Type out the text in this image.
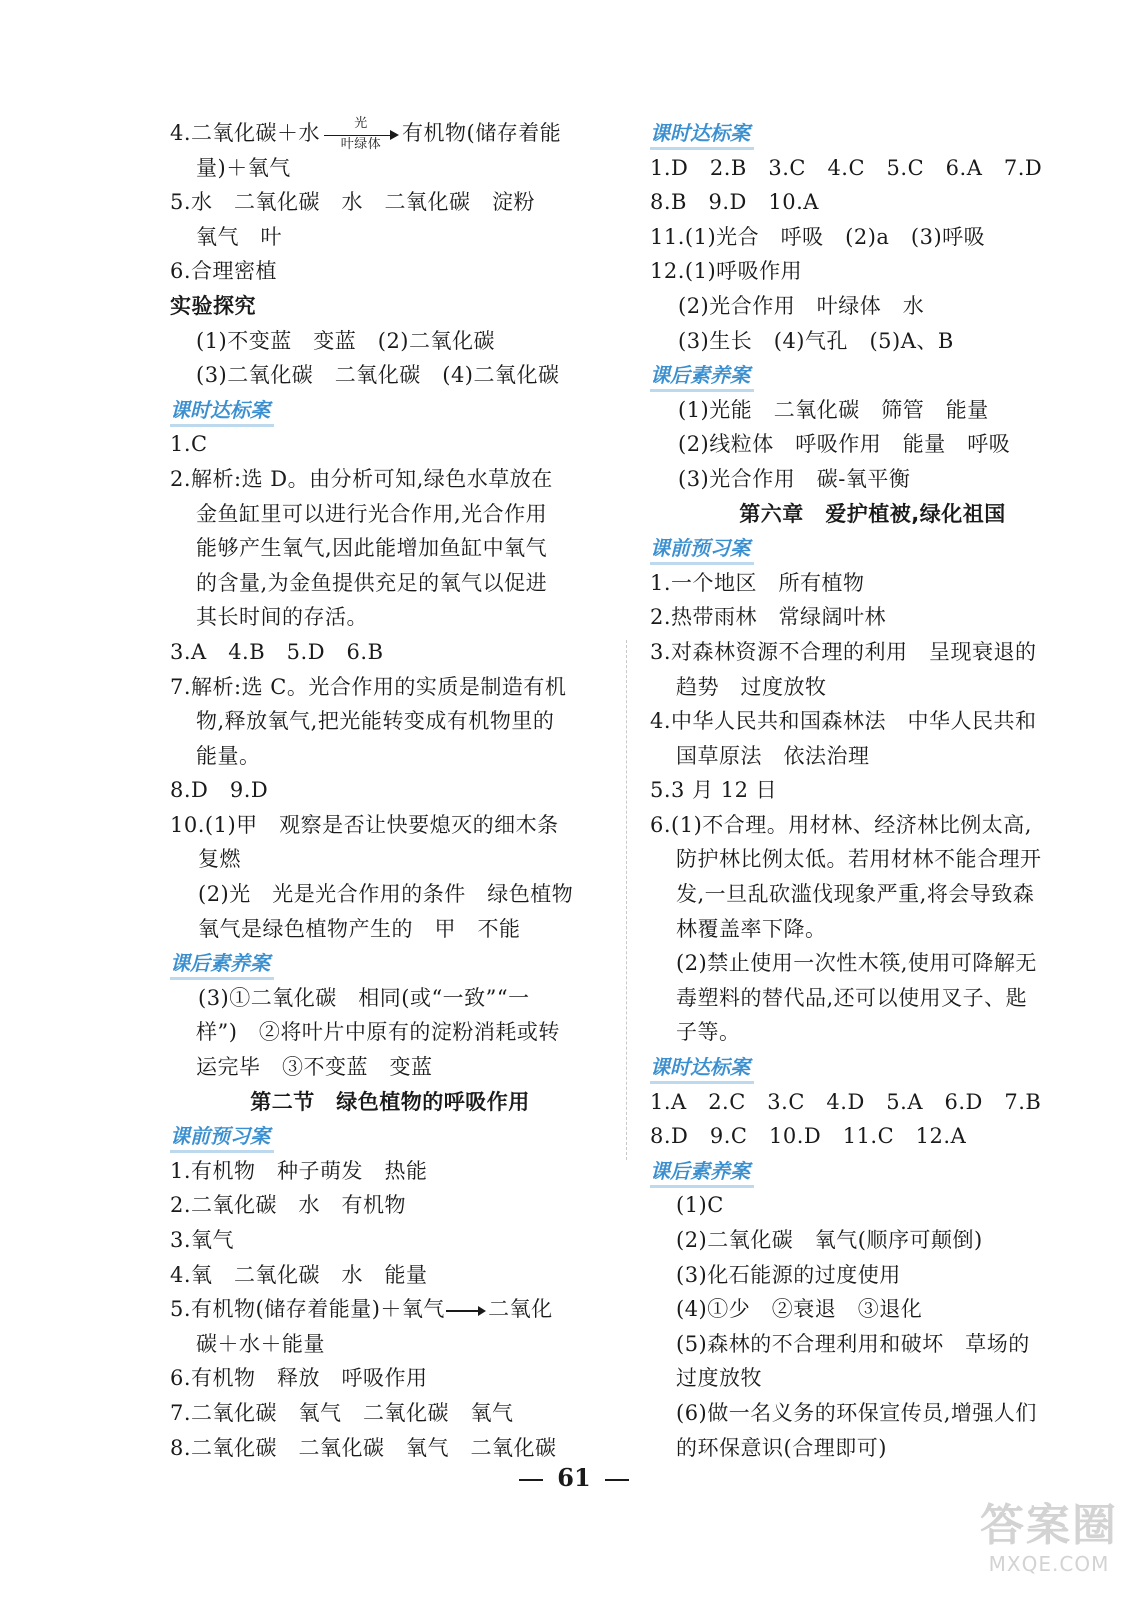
4.二氧化碳＋水	光
叶绿体 有机物(储存着能
量)＋氧气
5.水　二氧化碳　水　二氧化碳　淀粉
氧气　叶
6.合理密植
实验探究
(1)不变蓝　变蓝　(2)二氧化碳
(3)二氧化碳　二氧化碳　(4)二氧化碳
课时达标案
1.C
2.解析:选 D。由分析可知,绿色水草放在
金鱼缸里可以进行光合作用,光合作用
能够产生氧气,因此能增加鱼缸中氧气
的含量,为金鱼提供充足的氧气以促进
其长时间的存活。
3.A　4.B　5.D　6.B
7.解析:选 C。光合作用的实质是制造有机
物,释放氧气,把光能转变成有机物里的
能量。
8.D　9.D
10.(1)甲　观察是否让快要熄灭的细木条
复燃
(2)光　光是光合作用的条件　绿色植物
氧气是绿色植物产生的　甲　不能
课后素养案
(3)①二氧化碳　相同(或“一致”“一
样”)　②将叶片中原有的淀粉消耗或转
运完毕　③不变蓝　变蓝
第二节　绿色植物的呼吸作用
课前预习案
1.有机物　种子萌发　热能
2.二氧化碳　水　有机物
3.氧气
4.氧　二氧化碳　水　能量
5.有机物(储存着能量)＋氧气→ 二氧化
碳＋水＋能量
6.有机物　释放　呼吸作用
7.二氧化碳　氧气　二氧化碳　氧气
8.二氧化碳　二氧化碳　氧气　二氧化碳
课时达标案
1.D　2.B　3.C　4.C　5.C　6.A　7.D
8.B　9.D　10.A
11.(1)光合　呼吸　(2)a　(3)呼吸
12.(1)呼吸作用
(2)光合作用　叶绿体　水
(3)生长　(4)气孔　(5)A、B
课后素养案
(1)光能　二氧化碳　筛管　能量
(2)线粒体　呼吸作用　能量　呼吸
(3)光合作用　碳-氧平衡
第六章　爱护植被,绿化祖国
课前预习案
1.一个地区　所有植物
2.热带雨林　常绿阔叶林
3.对森林资源不合理的利用　呈现衰退的
趋势　过度放牧
4.中华人民共和国森林法　中华人民共和
国草原法　依法治理
5.3 月 12 日
6.(1)不合理。用材林、经济林比例太高,
防护林比例太低。若用材林不能合理开
发,一旦乱砍滥伐现象严重,将会导致森
林覆盖率下降。
(2)禁止使用一次性木筷,使用可降解无
毒塑料的替代品,还可以使用叉子、匙
子等。
课时达标案
1.A　2.C　3.C　4.D　5.A　6.D　7.B
8.D　9.C　10.D　11.C　12.A
课后素养案
(1)C
(2)二氧化碳　氧气(顺序可颠倒)
(3)化石能源的过度使用
(4)①少　②衰退　③退化
(5)森林的不合理利用和破坏　草场的
过度放牧
(6)做一名义务的环保宣传员,增强人们
的环保意识(合理即可)
61
答案圈
MXQE.COM
